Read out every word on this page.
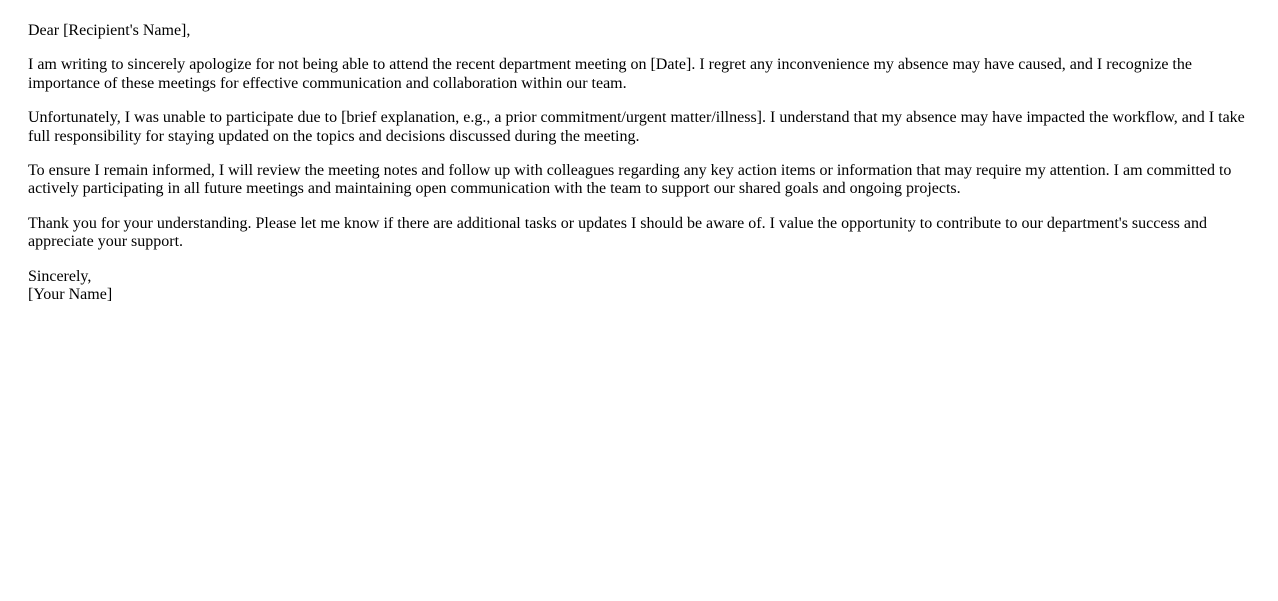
Dear [Recipient's Name],

I am writing to sincerely apologize for not being able to attend the recent department meeting on [Date]. I regret any inconvenience my absence may have caused, and I recognize the importance of these meetings for effective communication and collaboration within our team.

Unfortunately, I was unable to participate due to [brief explanation, e.g., a prior commitment/urgent matter/illness]. I understand that my absence may have impacted the workflow, and I take full responsibility for staying updated on the topics and decisions discussed during the meeting.

To ensure I remain informed, I will review the meeting notes and follow up with colleagues regarding any key action items or information that may require my attention. I am committed to actively participating in all future meetings and maintaining open communication with the team to support our shared goals and ongoing projects.

Thank you for your understanding. Please let me know if there are additional tasks or updates I should be aware of. I value the opportunity to contribute to our department's success and appreciate your support.

Sincerely,
[Your Name]
